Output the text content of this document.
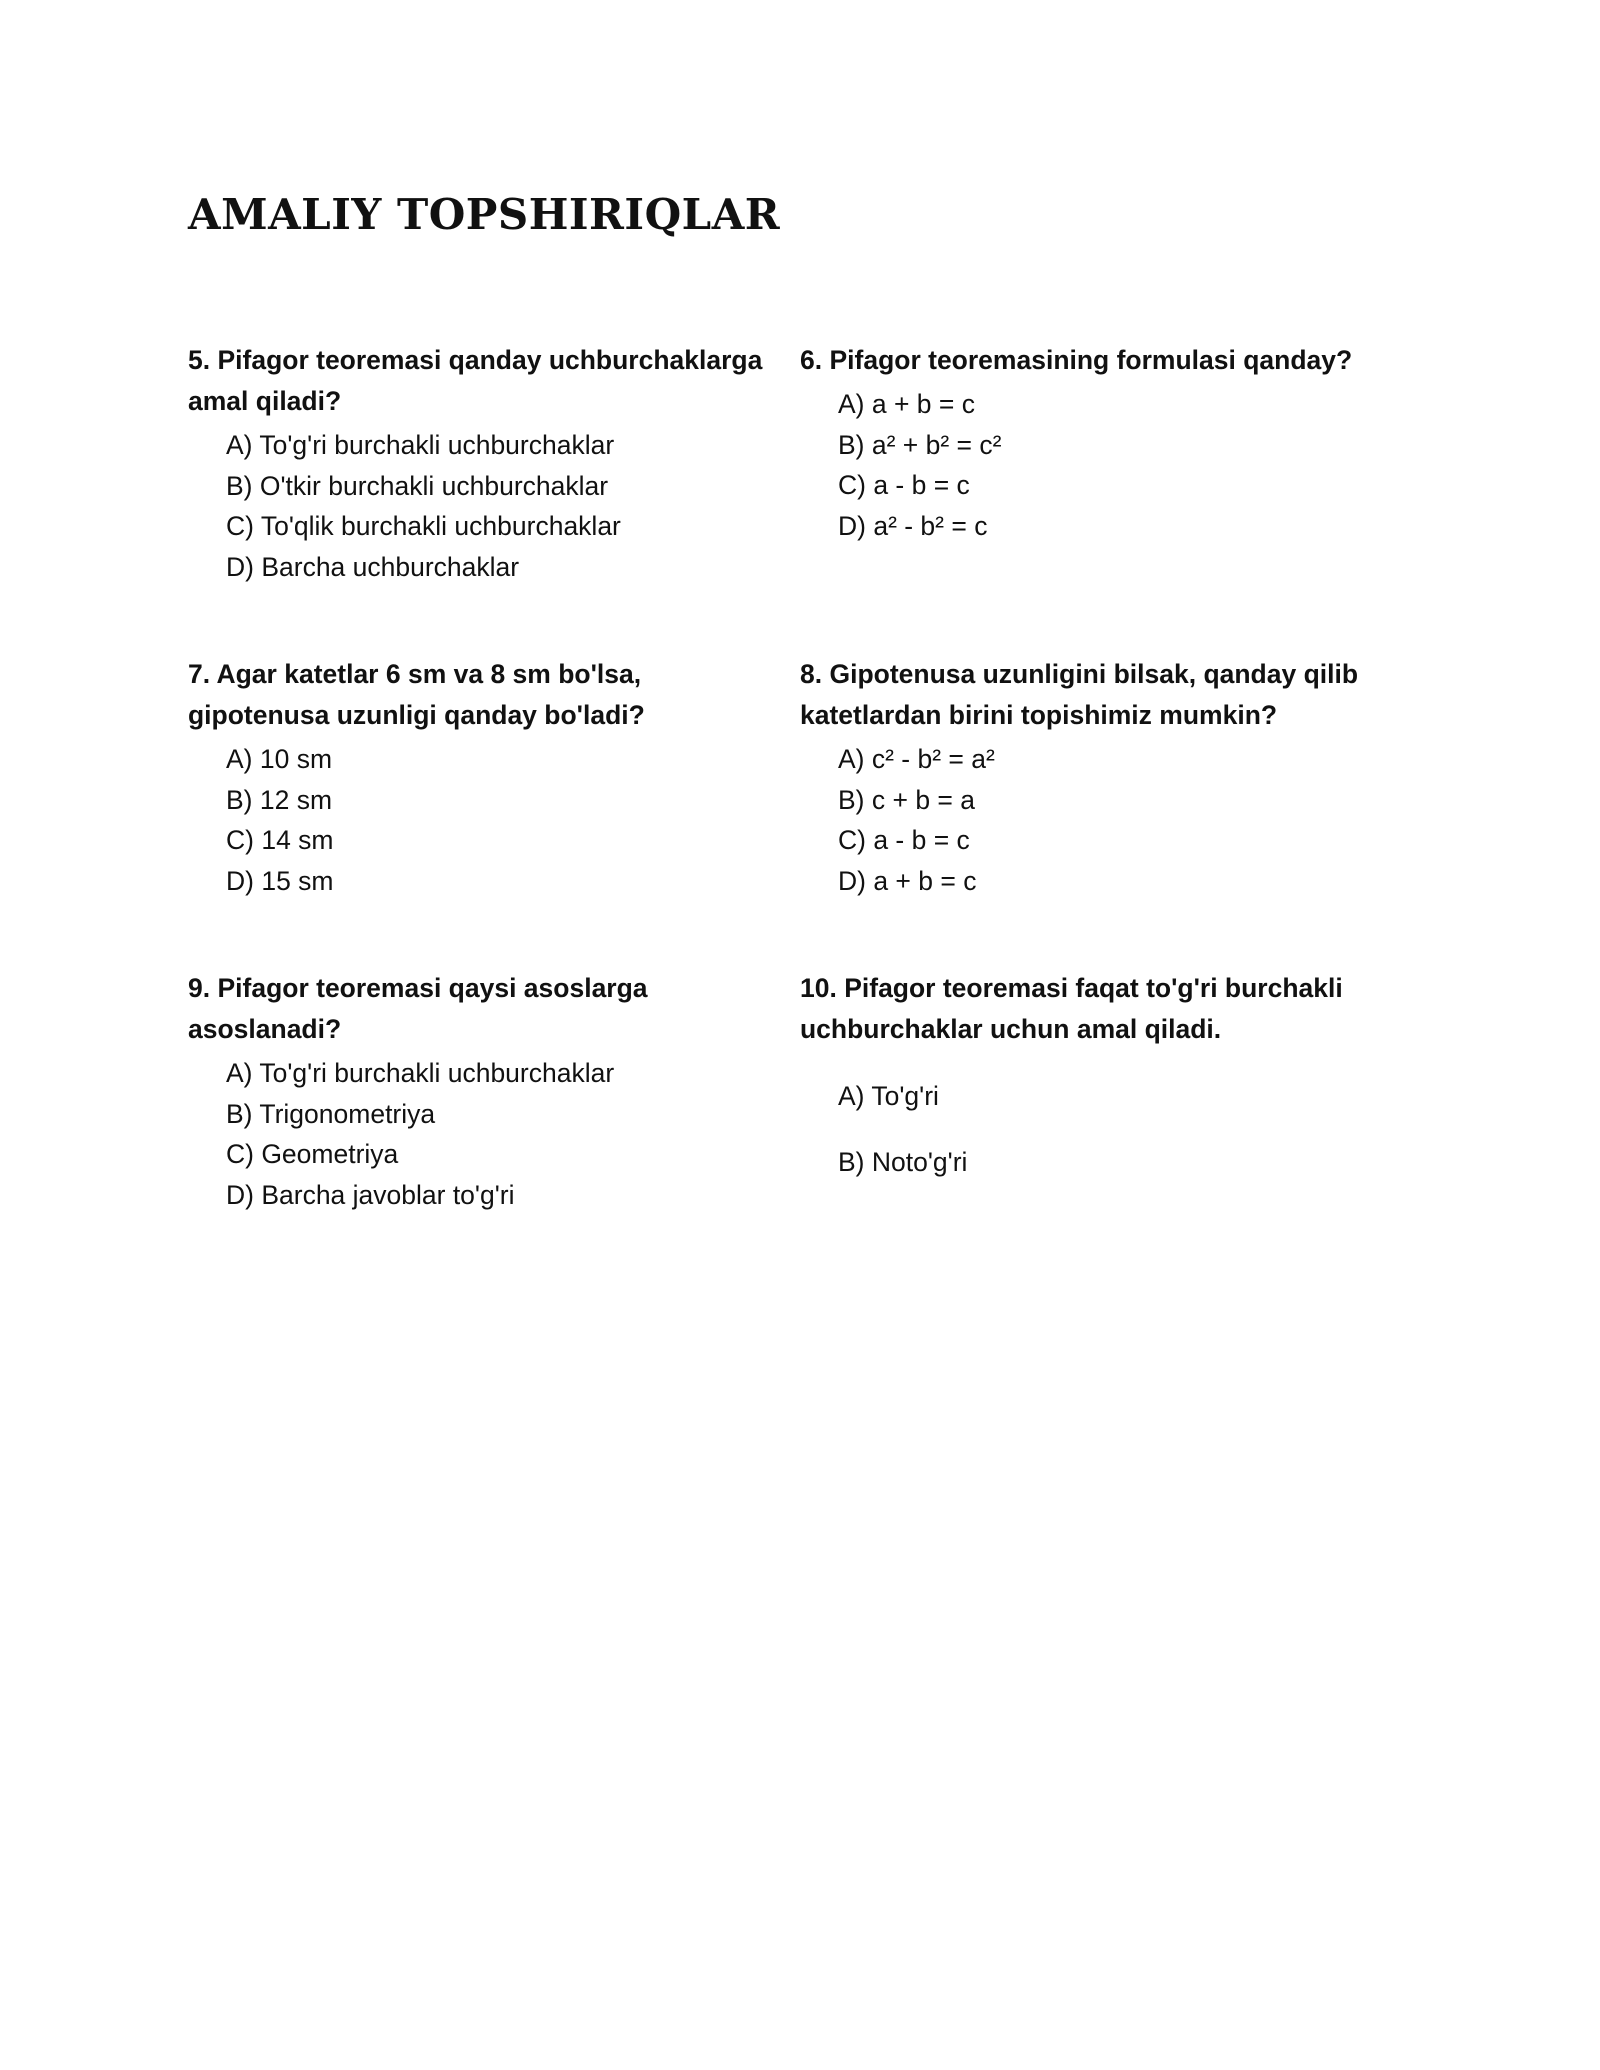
AMALIY TOPSHIRIQLAR

5. Pifagor teoremasi qanday uchburchaklarga amal qiladi?

A) To'g'ri burchakli uchburchaklar
B) O'tkir burchakli uchburchaklar
C) To'qlik burchakli uchburchaklar
D) Barcha uchburchaklar

6. Pifagor teoremasining formulasi qanday?

A) a + b = c
B) a² + b² = c²
C) a - b = c
D) a² - b² = c

7. Agar katetlar 6 sm va 8 sm bo'lsa, gipotenusa uzunligi qanday bo'ladi?

A) 10 sm
B) 12 sm
C) 14 sm
D) 15 sm

8. Gipotenusa uzunligini bilsak, qanday qilib katetlardan birini topishimiz mumkin?

A) c² - b² = a²
B) c + b = a
C) a - b = c
D) a + b = c

9. Pifagor teoremasi qaysi asoslarga asoslanadi?

A) To'g'ri burchakli uchburchaklar
B) Trigonometriya
C) Geometriya
D) Barcha javoblar to'g'ri

10. Pifagor teoremasi faqat to'g'ri burchakli uchburchaklar uchun amal qiladi.

A) To'g'ri
B) Noto'g'ri
